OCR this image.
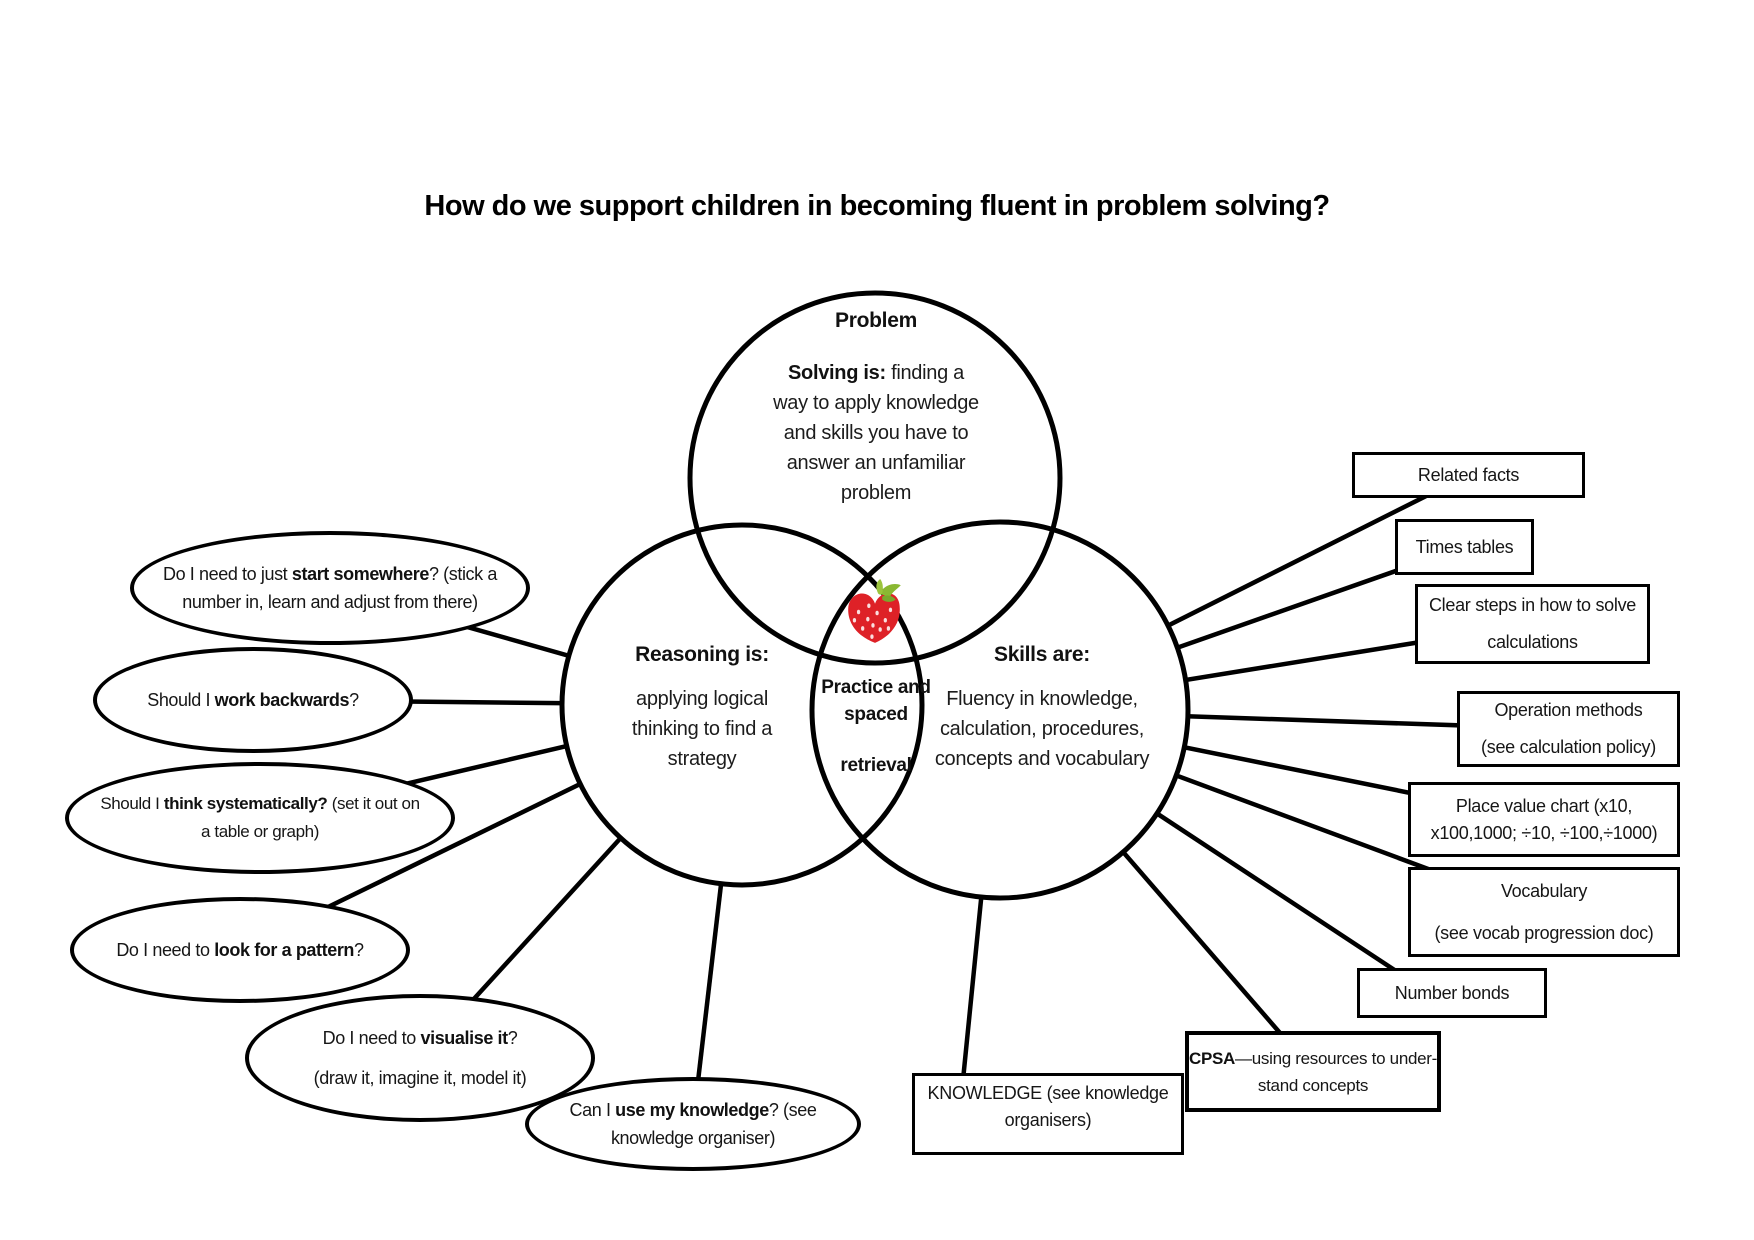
How do we support children in becoming fluent in problem solving?
Problem
Solving is: finding a
way to apply knowledge
and skills you have to
answer an unfamiliar
problem
Reasoning is:
applying logical
thinking to find a
strategy
Skills are:
Fluency in knowledge,
calculation, procedures,
concepts and vocabulary
Practice and
spaced
retrieval
Do I need to just start somewhere? (stick a
number in, learn and adjust from there)
Should I work backwards?
Should I think systematically? (set it out on
a table or graph)
Do I need to look for a pattern?
Do I need to visualise it?
(draw it, imagine it, model it)
Can I use my knowledge? (see
knowledge organiser)
Related facts
Times tables
Clear steps in how to solve
calculations
Operation methods
(see calculation policy)
Place value chart (x10,
x100,1000; ÷10, ÷100,÷1000)
Vocabulary
(see vocab progression doc)
Number bonds
CPSA—using resources to under-
stand concepts
KNOWLEDGE (see knowledge
organisers)
